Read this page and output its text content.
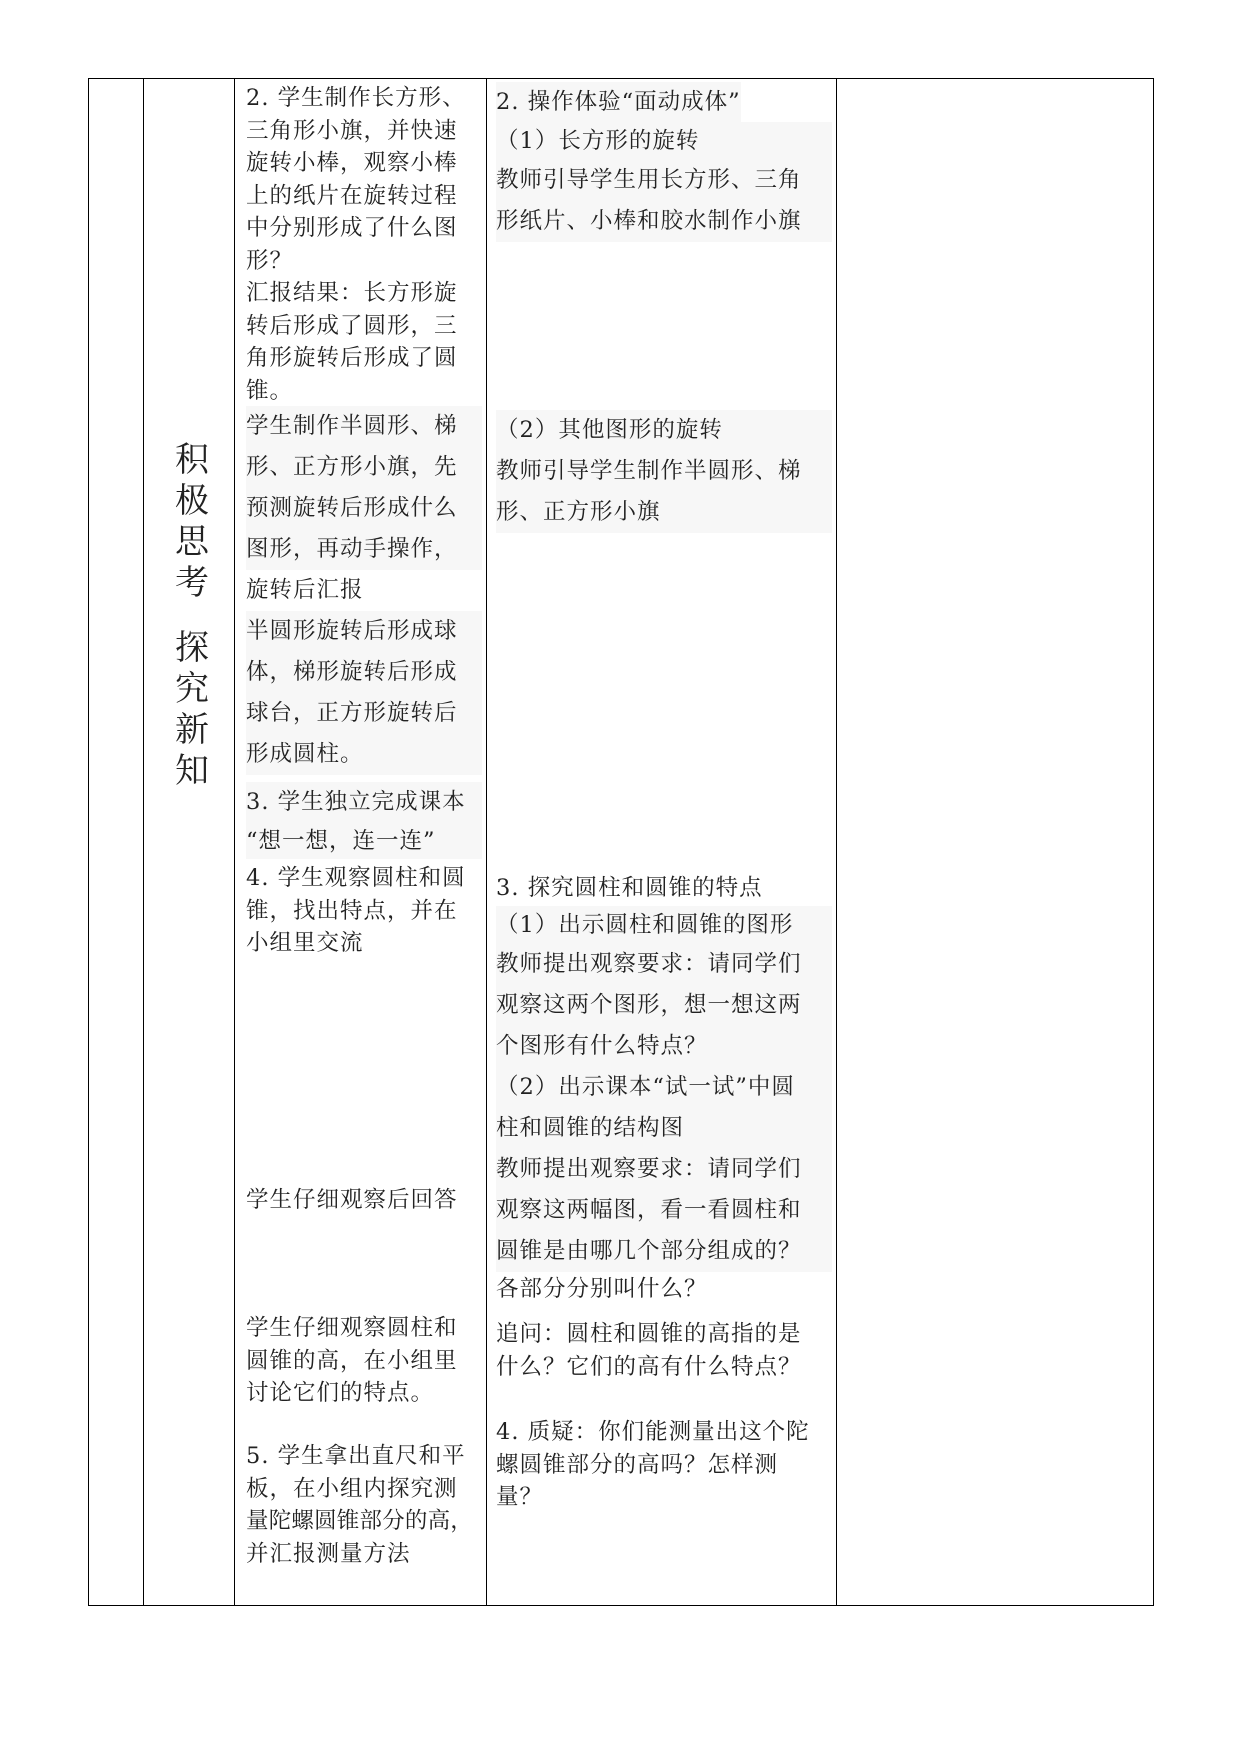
积
极
思
考
探
究
新
知

2. 学生制作长方形、

三角形小旗，并快速

旋转小棒，观察小棒

上的纸片在旋转过程

中分别形成了什么图

形？

汇报结果：长方形旋

转后形成了圆形，三

角形旋转后形成了圆

锥。

学生制作半圆形、梯

形、正方形小旗，先

预测旋转后形成什么

图形，再动手操作，

旋转后汇报

半圆形旋转后形成球

体，梯形旋转后形成

球台，正方形旋转后

形成圆柱。

3. 学生独立完成课本

“想一想，连一连”

4. 学生观察圆柱和圆

锥，找出特点，并在

小组里交流

学生仔细观察后回答

学生仔细观察圆柱和

圆锥的高，在小组里

讨论它们的特点。

5. 学生拿出直尺和平

板，在小组内探究测

量陀螺圆锥部分的高，

并汇报测量方法

2. 操作体验“面动成体”

（1）长方形的旋转

教师引导学生用长方形、三角

形纸片、小棒和胶水制作小旗

（2）其他图形的旋转

教师引导学生制作半圆形、梯

形、正方形小旗

3. 探究圆柱和圆锥的特点

（1）出示圆柱和圆锥的图形

教师提出观察要求：请同学们

观察这两个图形，想一想这两

个图形有什么特点？

（2）出示课本“试一试”中圆

柱和圆锥的结构图

教师提出观察要求：请同学们

观察这两幅图，看一看圆柱和

圆锥是由哪几个部分组成的？

各部分分别叫什么？

追问：圆柱和圆锥的高指的是

什么？它们的高有什么特点？

4. 质疑：你们能测量出这个陀

螺圆锥部分的高吗？怎样测

量？
